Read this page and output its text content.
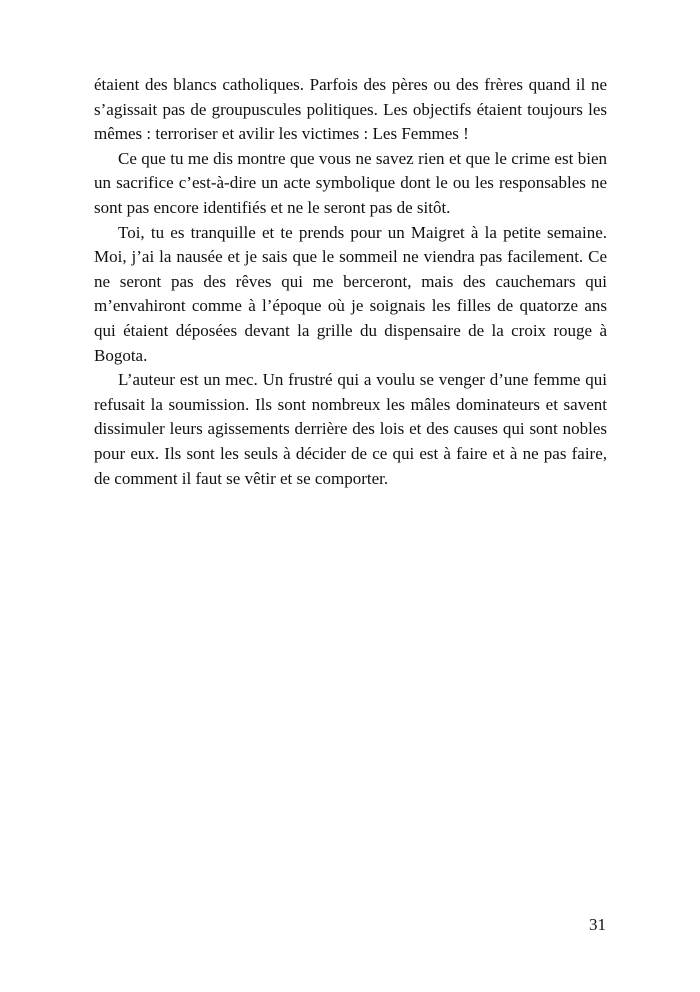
étaient des blancs catholiques. Parfois des pères ou des frères quand il ne s’agissait pas de groupuscules politiques. Les objectifs étaient toujours les mêmes : terroriser et avilir les victimes : Les Femmes !

Ce que tu me dis montre que vous ne savez rien et que le crime est bien un sacrifice c’est-à-dire un acte symbolique dont le ou les responsables ne sont pas encore identifiés et ne le seront pas de sitôt.

Toi, tu es tranquille et te prends pour un Maigret à la petite semaine. Moi, j’ai la nausée et je sais que le sommeil ne viendra pas facilement. Ce ne seront pas des rêves qui me berceront, mais des cauchemars qui m’envahiront comme à l’époque où je soignais les filles de quatorze ans qui étaient déposées devant la grille du dispensaire de la croix rouge à Bogota.

L’auteur est un mec. Un frustré qui a voulu se venger d’une femme qui refusait la soumission. Ils sont nombreux les mâles dominateurs et savent dissimuler leurs agissements derrière des lois et des causes qui sont nobles pour eux. Ils sont les seuls à décider de ce qui est à faire et à ne pas faire, de comment il faut se vêtir et se comporter.

31
